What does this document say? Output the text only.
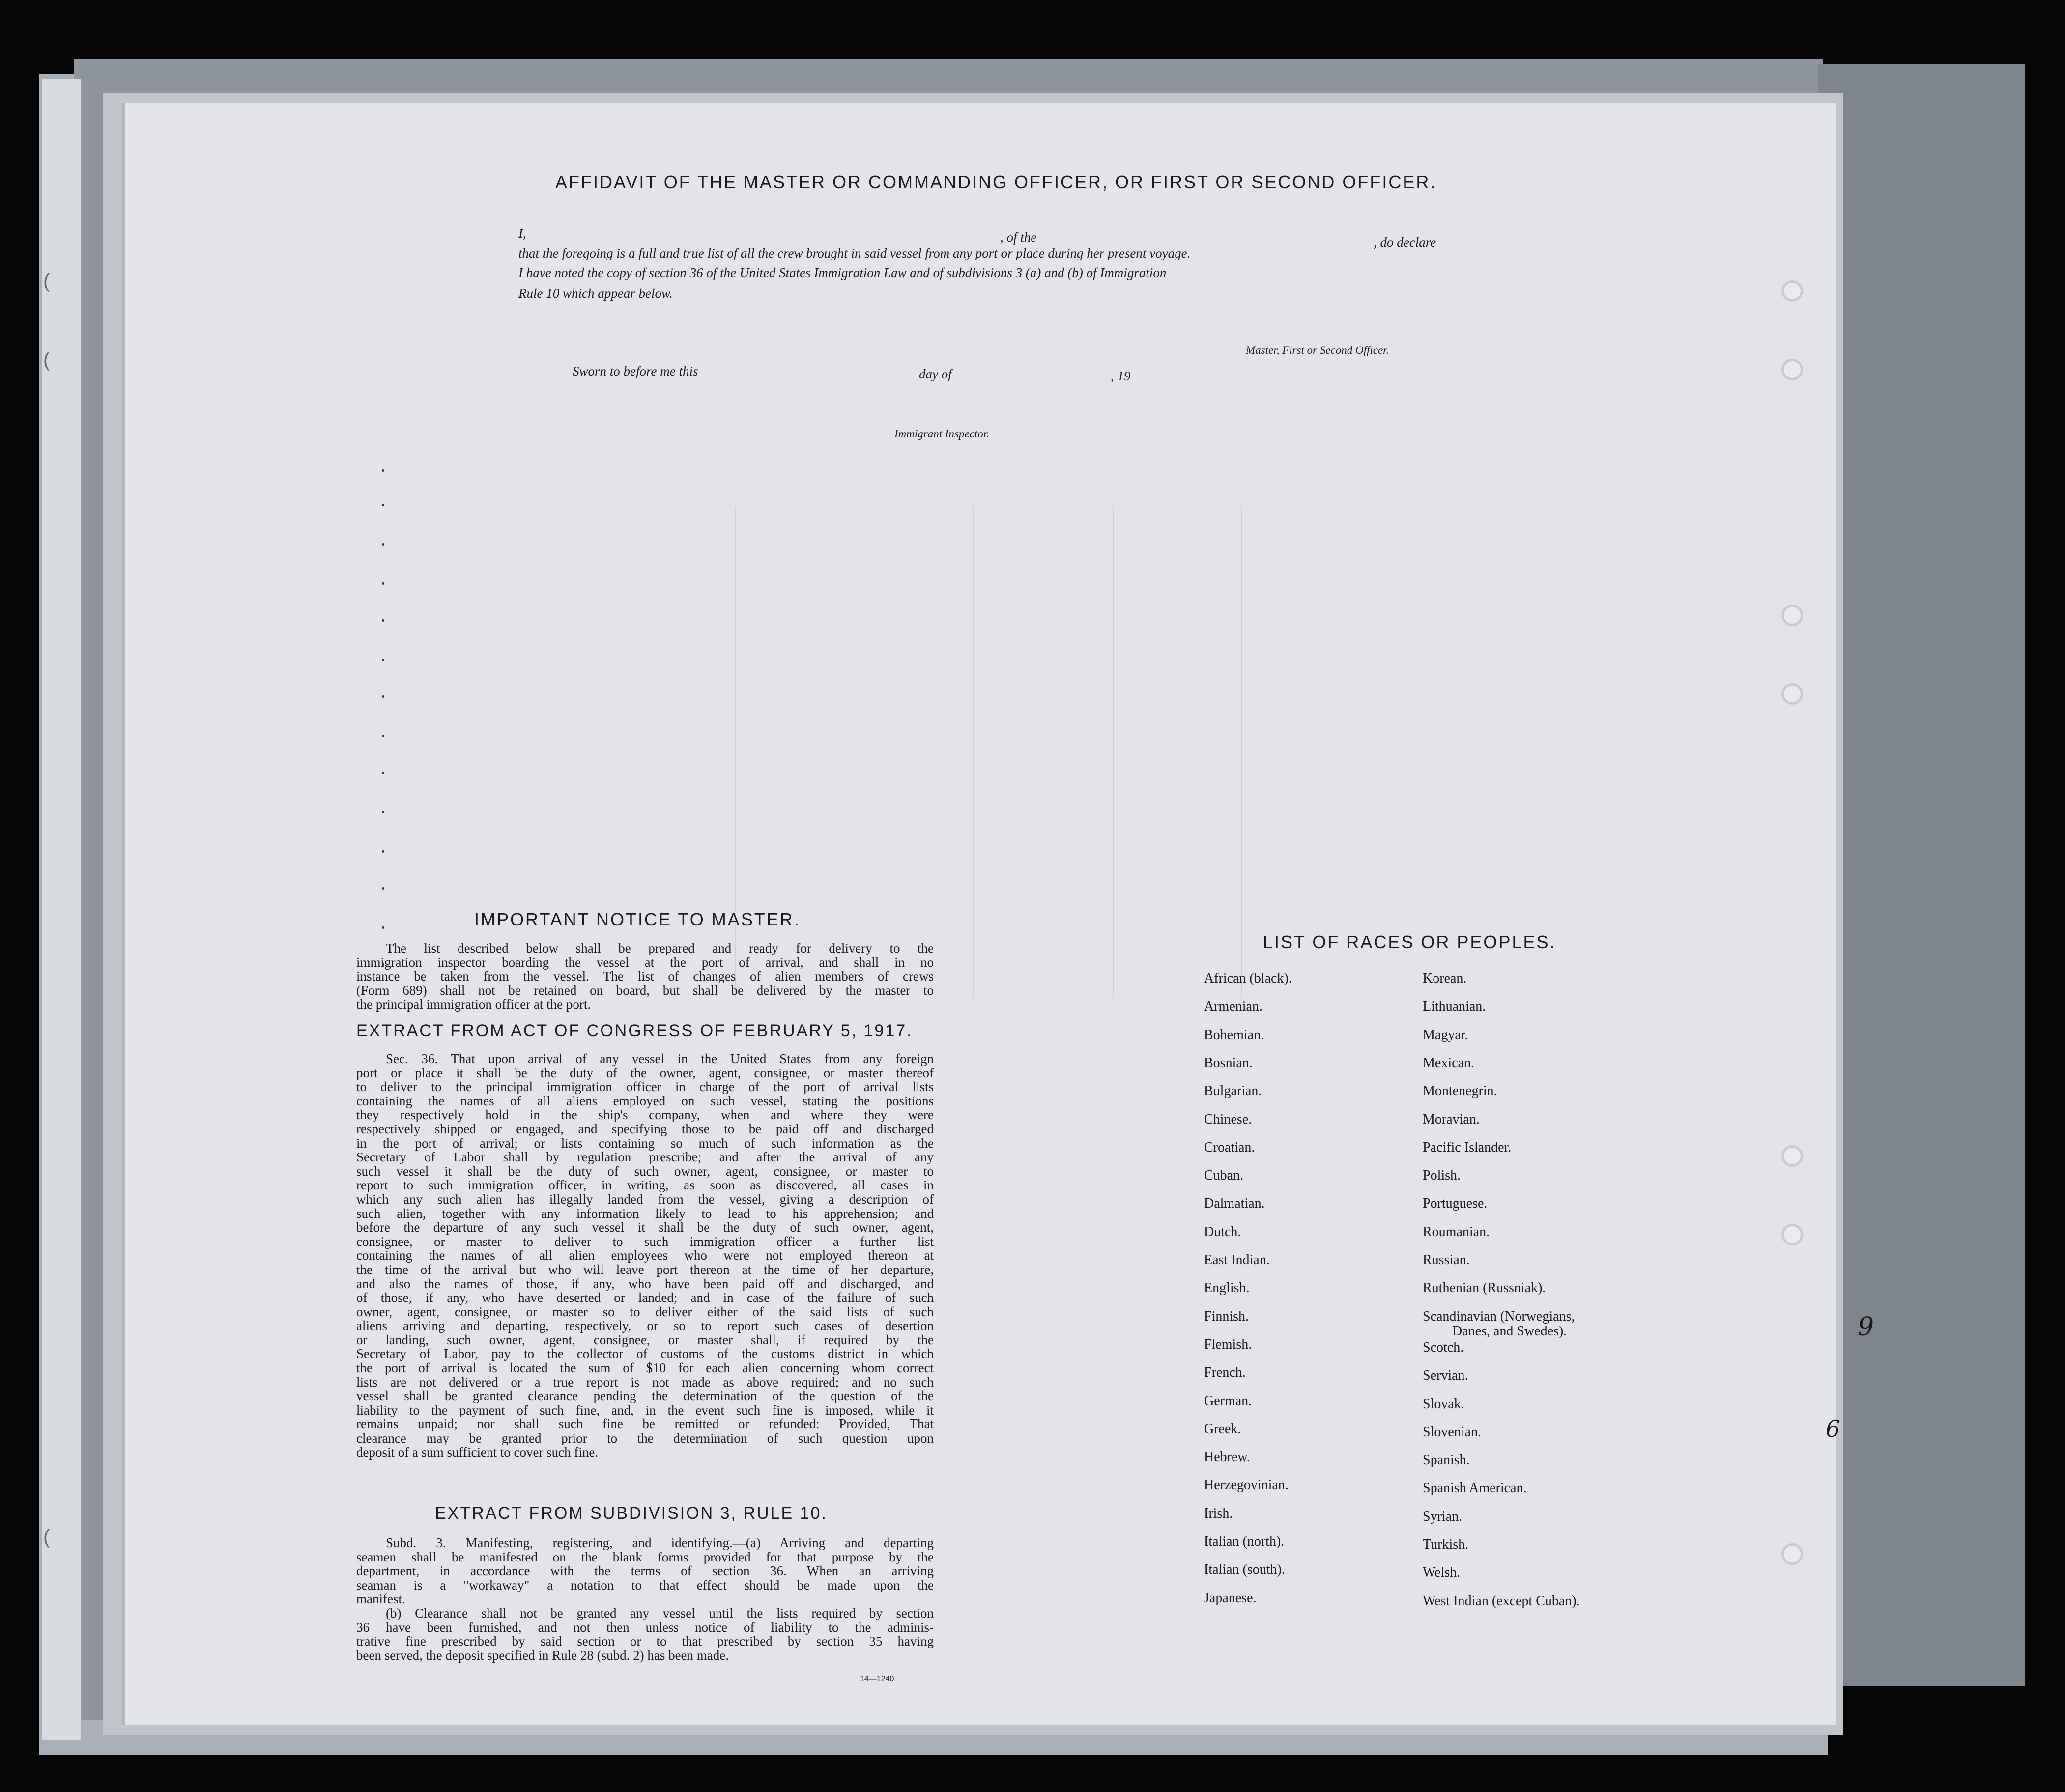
(
(
(
AFFIDAVIT OF THE MASTER OR COMMANDING OFFICER, OR FIRST OR SECOND OFFICER.
I,	, of the	, do declare
that the foregoing is a full and true list of all the crew brought in said vessel from any port or place during her present voyage.
I have noted the copy of section 36 of the United States Immigration Law and of subdivisions 3 (a) and (b) of Immigration
Rule 10 which appear below.
Master, First or Second Officer.
Sworn to before me this	day of	, 19
Immigrant Inspector.
IMPORTANT NOTICE TO MASTER.
The list described below shall be prepared and ready for delivery to the
immigration inspector boarding the vessel at the port of arrival, and shall in no
instance be taken from the vessel. The list of changes of alien members of crews
(Form 689) shall not be retained on board, but shall be delivered by the master to
the principal immigration officer at the port.
EXTRACT FROM ACT OF CONGRESS OF FEBRUARY 5, 1917.
Sec. 36. That upon arrival of any vessel in the United States from any foreign
port or place it shall be the duty of the owner, agent, consignee, or master thereof
to deliver to the principal immigration officer in charge of the port of arrival lists
containing the names of all aliens employed on such vessel, stating the positions
they respectively hold in the ship's company, when and where they were
respectively shipped or engaged, and specifying those to be paid off and discharged
in the port of arrival; or lists containing so much of such information as the
Secretary of Labor shall by regulation prescribe; and after the arrival of any
such vessel it shall be the duty of such owner, agent, consignee, or master to
report to such immigration officer, in writing, as soon as discovered, all cases in
which any such alien has illegally landed from the vessel, giving a description of
such alien, together with any information likely to lead to his apprehension; and
before the departure of any such vessel it shall be the duty of such owner, agent,
consignee, or master to deliver to such immigration officer a further list
containing the names of all alien employees who were not employed thereon at
the time of the arrival but who will leave port thereon at the time of her departure,
and also the names of those, if any, who have been paid off and discharged, and
of those, if any, who have deserted or landed; and in case of the failure of such
owner, agent, consignee, or master so to deliver either of the said lists of such
aliens arriving and departing, respectively, or so to report such cases of desertion
or landing, such owner, agent, consignee, or master shall, if required by the
Secretary of Labor, pay to the collector of customs of the customs district in which
the port of arrival is located the sum of $10 for each alien concerning whom correct
lists are not delivered or a true report is not made as above required; and no such
vessel shall be granted clearance pending the determination of the question of the
liability to the payment of such fine, and, in the event such fine is imposed, while it
remains unpaid; nor shall such fine be remitted or refunded: Provided, That
clearance may be granted prior to the determination of such question upon
deposit of a sum sufficient to cover such fine.
EXTRACT FROM SUBDIVISION 3, RULE 10.
Subd. 3. Manifesting, registering, and identifying.—(a) Arriving and departing
seamen shall be manifested on the blank forms provided for that purpose by the
department, in accordance with the terms of section 36. When an arriving
seaman is a "workaway" a notation to that effect should be made upon the
manifest.
(b) Clearance shall not be granted any vessel until the lists required by section
36 have been furnished, and not then unless notice of liability to the adminis-
trative fine prescribed by said section or to that prescribed by section 35 having
been served, the deposit specified in Rule 28 (subd. 2) has been made.
14—1240
LIST OF RACES OR PEOPLES.
African (black).
Armenian.
Bohemian.
Bosnian.
Bulgarian.
Chinese.
Croatian.
Cuban.
Dalmatian.
Dutch.
East Indian.
English.
Finnish.
Flemish.
French.
German.
Greek.
Hebrew.
Herzegovinian.
Irish.
Italian (north).
Italian (south).
Japanese.
Korean.
Lithuanian.
Magyar.
Mexican.
Montenegrin.
Moravian.
Pacific Islander.
Polish.
Portuguese.
Roumanian.
Russian.
Ruthenian (Russniak).
Scandinavian (Norwegians,
Scotch.
Servian.
Slovak.
Slovenian.
Spanish.
Spanish American.
Syrian.
Turkish.
Welsh.
West Indian (except Cuban).
Danes, and Swedes).	9
6
